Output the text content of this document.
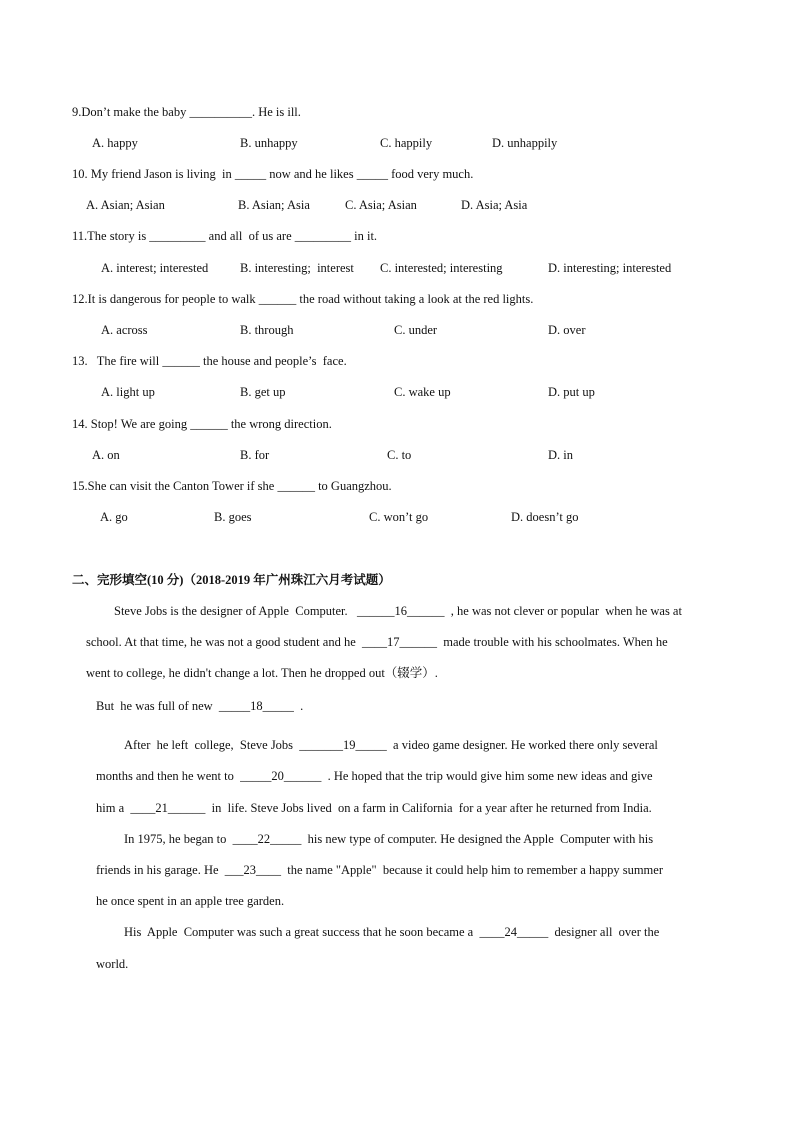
9.Don’t make the baby __________. He is ill.
A. happy	B. unhappy	C. happily	D. unhappily
10. My friend Jason is living  in _____ now and he likes _____ food very much.
A. Asian; Asian	B. Asian; Asia	C. Asia; Asian	D. Asia; Asia
11.The story is _________ and all  of us are _________ in it.
A. interest; interested	B. interesting;  interest C. interested; interesting	D. interesting; interested
12.It is dangerous for people to walk ______ the road without taking a look at the red lights.
A. across	B. through	C. under	D. over
13.   The fire will ______ the house and people’s  face.
A. light up	B. get up	C. wake up	D. put up
14. Stop! We are going ______ the wrong direction.
A. on	B. for	C. to	D. in
15.She can visit the Canton Tower if she ______ to Guangzhou.
A. go	B. goes	C. won’t go	D. doesn’t go
二、完形填空(10 分)（2018-2019 年广州珠江六月考试题）
Steve Jobs is the designer of Apple  Computer.   ______16______  , he was not clever or popular  when he was at
school. At that time, he was not a good student and he  ____17______  made trouble with his schoolmates. When he
went to college, he didn't change a lot. Then he dropped out（辍学）.
But  he was full of new  _____18_____  .
After  he left  college,  Steve Jobs  _______19_____  a video game designer. He worked there only several
months and then he went to  _____20______  . He hoped that the trip would give him some new ideas and give
him a  ____21______  in  life. Steve Jobs lived  on a farm in California  for a year after he returned from India.
In 1975, he began to  ____22_____  his new type of computer. He designed the Apple  Computer with his
friends in his garage. He  ___23____  the name "Apple"  because it could help him to remember a happy summer
he once spent in an apple tree garden.
His  Apple  Computer was such a great success that he soon became a  ____24_____  designer all  over the
world.
